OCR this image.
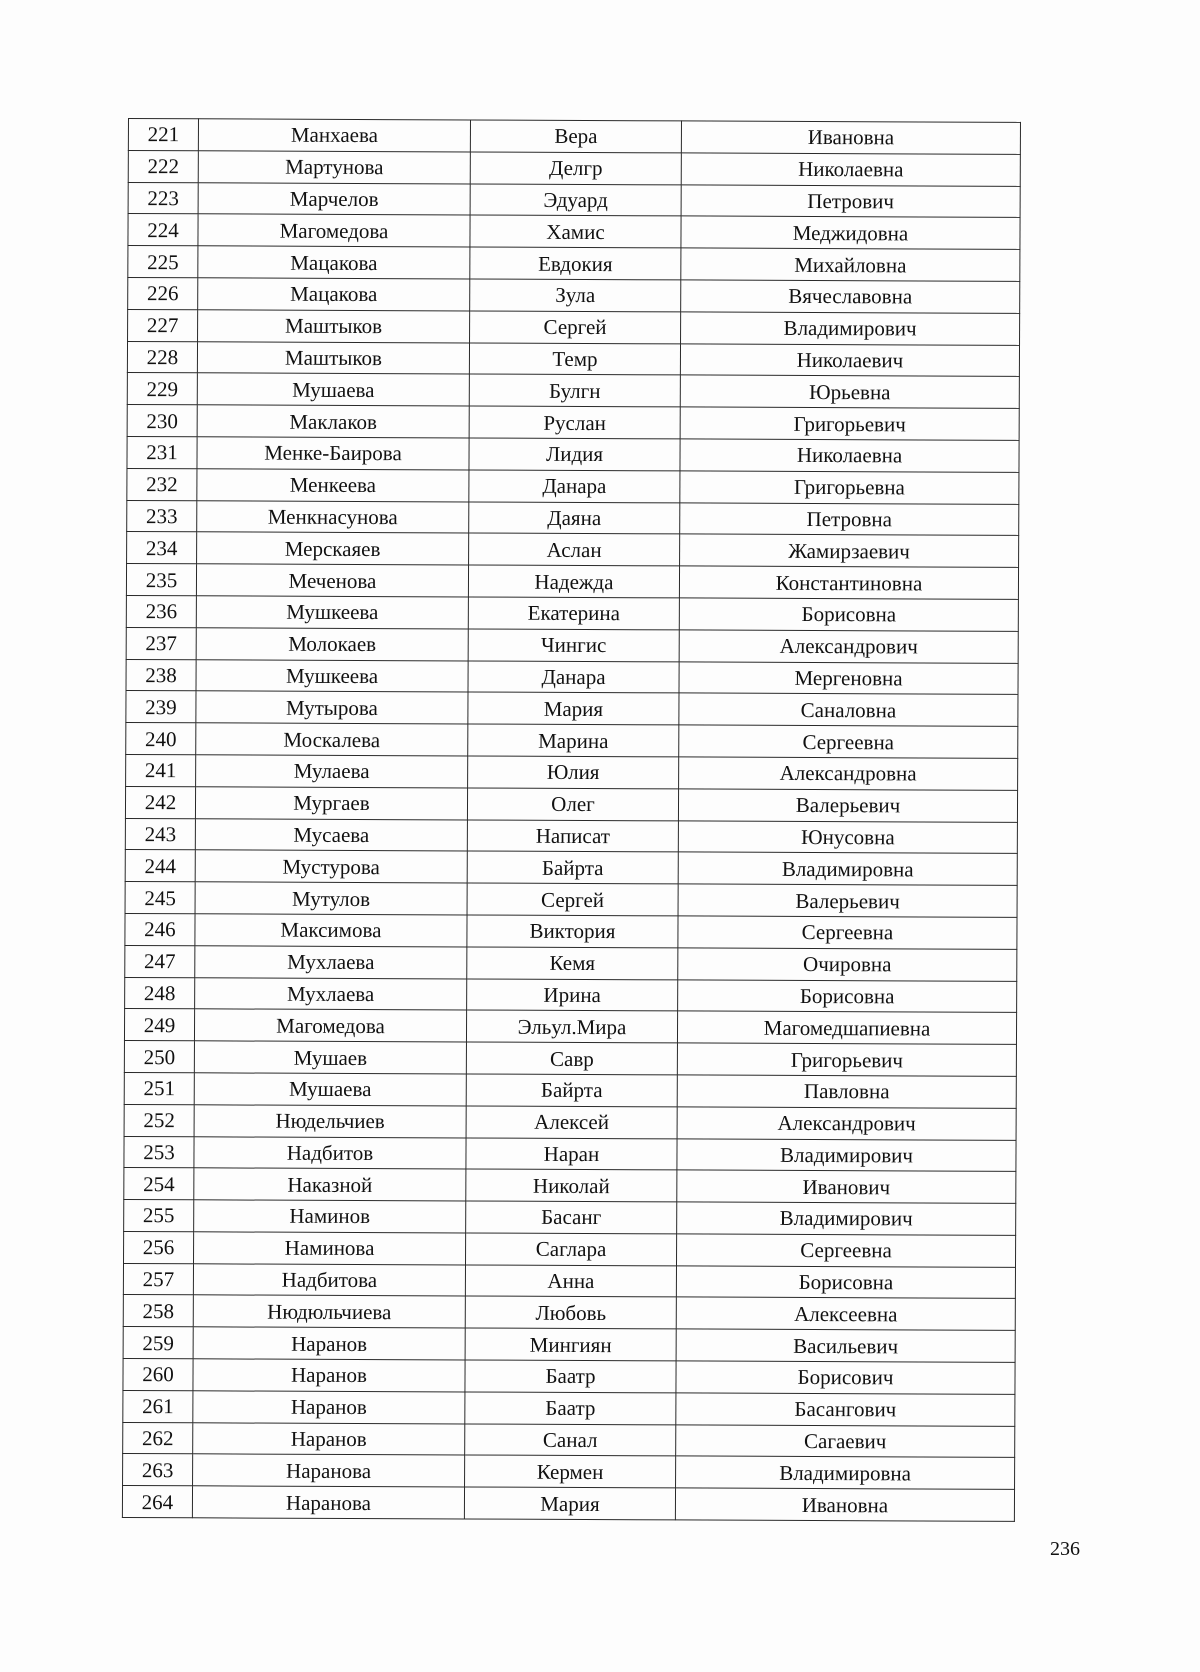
221	Манхаева	Вера	Ивановна
222	Мартунова	Делгр	Николаевна
223	Марчелов	Эдуард	Петрович
224	Магомедова	Хамис	Меджидовна
225	Мацакова	Евдокия	Михайловна
226	Мацакова	Зула	Вячеславовна
227	Маштыков	Сергей	Владимирович
228	Маштыков	Темр	Николаевич
229	Мушаева	Булгн	Юрьевна
230	Маклаков	Руслан	Григорьевич
231	Менке-Баирова	Лидия	Николаевна
232	Менкеева	Данара	Григорьевна
233	Менкнасунова	Даяна	Петровна
234	Мерскаяев	Аслан	Жамирзаевич
235	Меченова	Надежда	Константиновна
236	Мушкеева	Екатерина	Борисовна
237	Молокаев	Чингис	Александрович
238	Мушкеева	Данара	Мергеновна
239	Мутырова	Мария	Саналовна
240	Москалева	Марина	Сергеевна
241	Мулаева	Юлия	Александровна
242	Мургаев	Олег	Валерьевич
243	Мусаева	Написат	Юнусовна
244	Мустурова	Байрта	Владимировна
245	Мутулов	Сергей	Валерьевич
246	Максимова	Виктория	Сергеевна
247	Мухлаева	Кемя	Очировна
248	Мухлаева	Ирина	Борисовна
249	Магомедова	Эльул.Мира	Магомедшапиевна
250	Мушаев	Савр	Григорьевич
251	Мушаева	Байрта	Павловна
252	Нюдельчиев	Алексей	Александрович
253	Надбитов	Наран	Владимирович
254	Наказной	Николай	Иванович
255	Наминов	Басанг	Владимирович
256	Наминова	Саглара	Сергеевна
257	Надбитова	Анна	Борисовна
258	Нюдюльчиева	Любовь	Алексеевна
259	Наранов	Мингиян	Васильевич
260	Наранов	Баатр	Борисович
261	Наранов	Баатр	Басангович
262	Наранов	Санал	Сагаевич
263	Наранова	Кермен	Владимировна
264	Наранова	Мария	Ивановна
236
